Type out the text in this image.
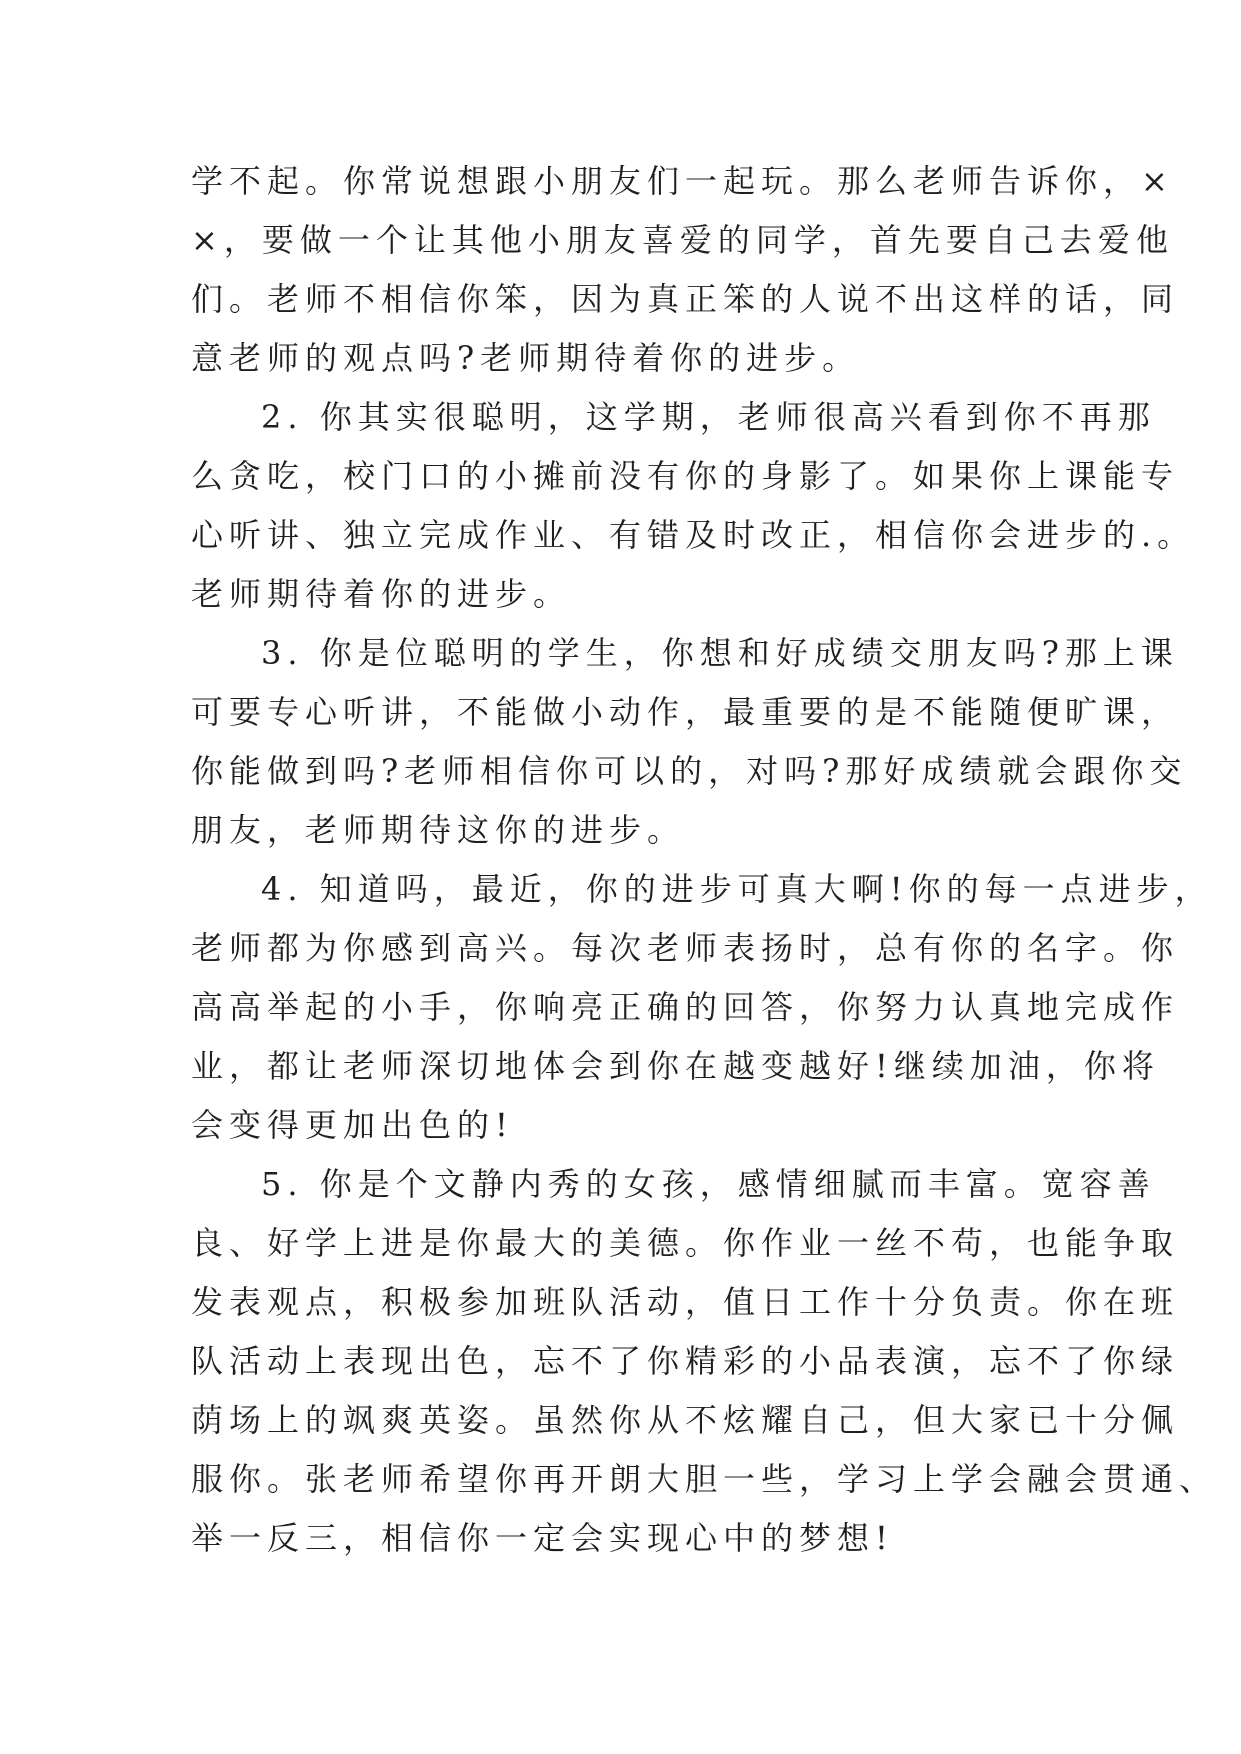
学不起。你常说想跟小朋友们一起玩。那么老师告诉你，×
×，要做一个让其他小朋友喜爱的同学，首先要自己去爱他
们。老师不相信你笨，因为真正笨的人说不出这样的话，同
意老师的观点吗?老师期待着你的进步。
2. 你其实很聪明，这学期，老师很高兴看到你不再那
么贪吃，校门口的小摊前没有你的身影了。如果你上课能专
心听讲、独立完成作业、有错及时改正，相信你会进步的.。
老师期待着你的进步。
3. 你是位聪明的学生，你想和好成绩交朋友吗?那上课
可要专心听讲，不能做小动作，最重要的是不能随便旷课，
你能做到吗?老师相信你可以的，对吗?那好成绩就会跟你交
朋友，老师期待这你的进步。
4. 知道吗，最近，你的进步可真大啊!你的每一点进步，
老师都为你感到高兴。每次老师表扬时，总有你的名字。你
高高举起的小手，你响亮正确的回答，你努力认真地完成作
业，都让老师深切地体会到你在越变越好!继续加油，你将
会变得更加出色的!
5. 你是个文静内秀的女孩，感情细腻而丰富。宽容善
良、好学上进是你最大的美德。你作业一丝不苟，也能争取
发表观点，积极参加班队活动，值日工作十分负责。你在班
队活动上表现出色，忘不了你精彩的小品表演，忘不了你绿
荫场上的飒爽英姿。虽然你从不炫耀自己，但大家已十分佩
服你。张老师希望你再开朗大胆一些，学习上学会融会贯通、
举一反三，相信你一定会实现心中的梦想!
